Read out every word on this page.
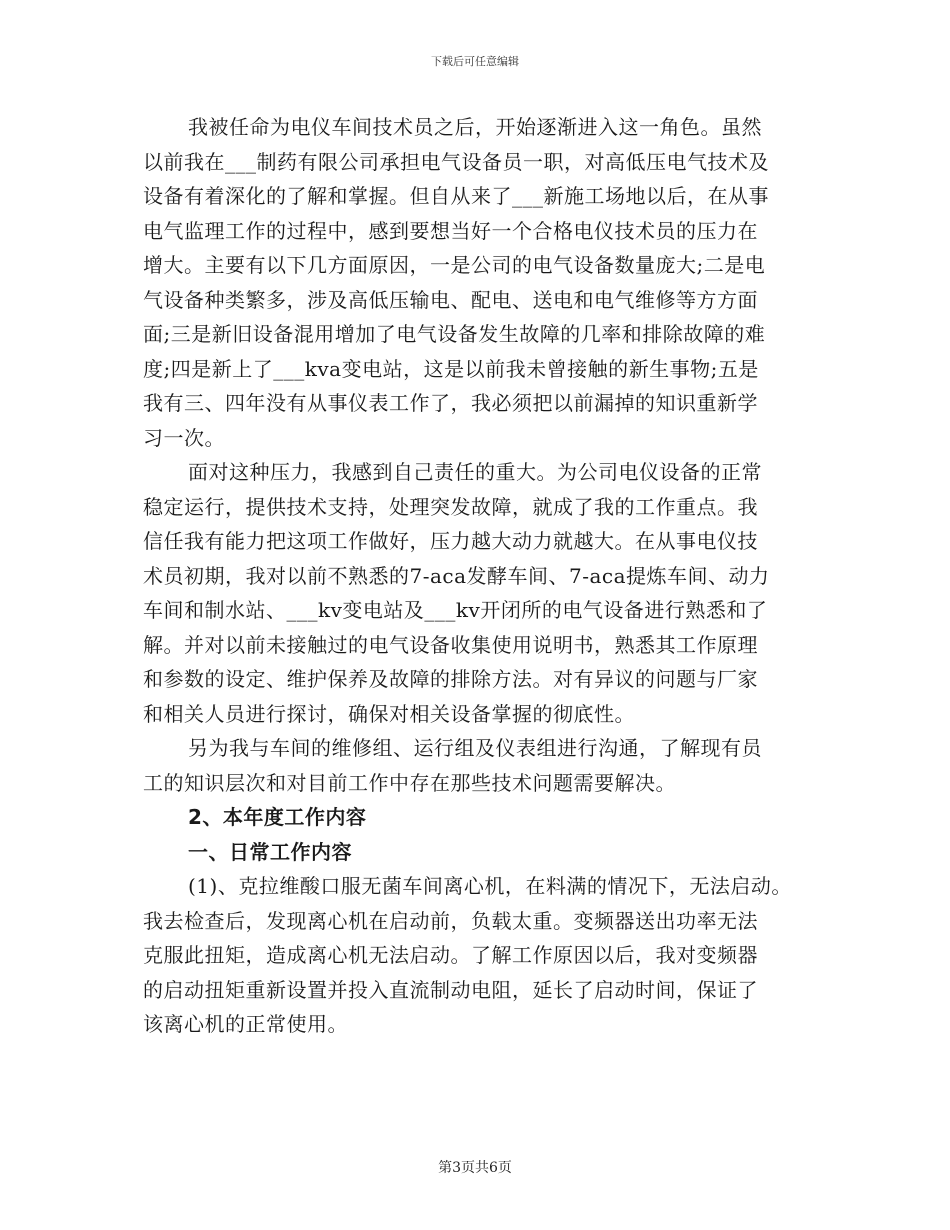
下载后可任意编辑
我被任命为电仪车间技术员之后，开始逐渐进入这一角色。虽然
以前我在___制药有限公司承担电气设备员一职，对高低压电气技术及
设备有着深化的了解和掌握。但自从来了___新施工场地以后，在从事
电气监理工作的过程中，感到要想当好一个合格电仪技术员的压力在
增大。主要有以下几方面原因，一是公司的电气设备数量庞大;二是电
气设备种类繁多，涉及高低压输电、配电、送电和电气维修等方方面
面;三是新旧设备混用增加了电气设备发生故障的几率和排除故障的难
度;四是新上了___kva变电站，这是以前我未曾接触的新生事物;五是
我有三、四年没有从事仪表工作了，我必须把以前漏掉的知识重新学
习一次。
面对这种压力，我感到自己责任的重大。为公司电仪设备的正常
稳定运行，提供技术支持，处理突发故障，就成了我的工作重点。我
信任我有能力把这项工作做好，压力越大动力就越大。在从事电仪技
术员初期，我对以前不熟悉的7-aca发酵车间、7-aca提炼车间、动力
车间和制水站、___kv变电站及___kv开闭所的电气设备进行熟悉和了
解。并对以前未接触过的电气设备收集使用说明书，熟悉其工作原理
和参数的设定、维护保养及故障的排除方法。对有异议的问题与厂家
和相关人员进行探讨，确保对相关设备掌握的彻底性。
另为我与车间的维修组、运行组及仪表组进行沟通，了解现有员
工的知识层次和对目前工作中存在那些技术问题需要解决。
2、本年度工作内容
一、日常工作内容
(1)、克拉维酸口服无菌车间离心机，在料满的情况下，无法启动。
我去检查后，发现离心机在启动前，负载太重。变频器送出功率无法
克服此扭矩，造成离心机无法启动。了解工作原因以后，我对变频器
的启动扭矩重新设置并投入直流制动电阻，延长了启动时间，保证了
该离心机的正常使用。
第3页共6页
